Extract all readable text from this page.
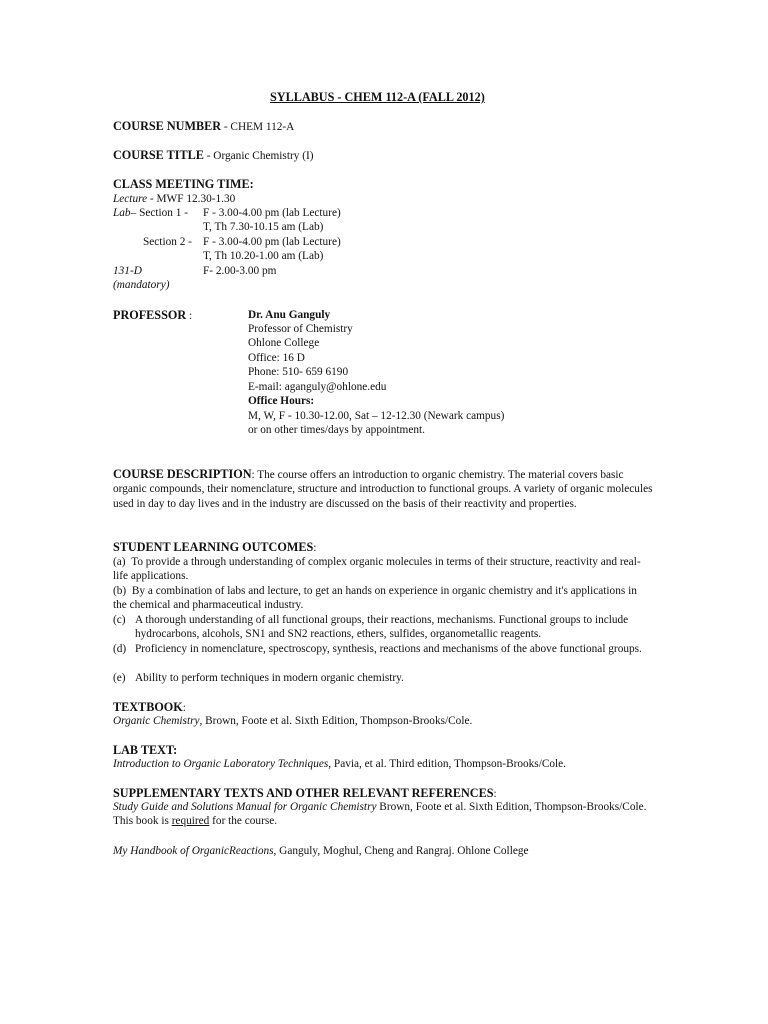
SYLLABUS - CHEM 112-A (FALL 2012)
COURSE NUMBER - CHEM 112-A
COURSE TITLE - Organic Chemistry (I)
CLASS MEETING TIME:
Lecture - MWF 12.30-1.30
Lab– Section 1 - F - 3.00-4.00 pm (lab Lecture)
T, Th 7.30-10.15 am (Lab)
Section 2 - F - 3.00-4.00 pm (lab Lecture)
T, Th 10.20-1.00 am (Lab)
131-D	F- 2.00-3.00 pm
(mandatory)
PROFESSOR :	Dr. Anu Ganguly
Professor of Chemistry
Ohlone College
Office: 16 D
Phone: 510- 659 6190
E-mail: aganguly@ohlone.edu
Office Hours:
M, W, F - 10.30-12.00, Sat – 12-12.30 (Newark campus)
or on other times/days by appointment.
COURSE DESCRIPTION: The course offers an introduction to organic chemistry. The material covers basic organic compounds, their nomenclature, structure and introduction to functional groups. A variety of organic molecules used in day to day lives and in the industry are discussed on the basis of their reactivity and properties.
STUDENT LEARNING OUTCOMES:
(a) To provide a through understanding of complex organic molecules in terms of their structure, reactivity and real-life applications.
(b) By a combination of labs and lecture, to get an hands on experience in organic chemistry and it's applications in the chemical and pharmaceutical industry.
(c) A thorough understanding of all functional groups, their reactions, mechanisms. Functional groups to include hydrocarbons, alcohols, SN1 and SN2 reactions, ethers, sulfides, organometallic reagents.
(d) Proficiency in nomenclature, spectroscopy, synthesis, reactions and mechanisms of the above functional groups.
(e) Ability to perform techniques in modern organic chemistry.
TEXTBOOK:
Organic Chemistry, Brown, Foote et al. Sixth Edition, Thompson-Brooks/Cole.
LAB TEXT:
Introduction to Organic Laboratory Techniques, Pavia, et al. Third edition, Thompson-Brooks/Cole.
SUPPLEMENTARY TEXTS AND OTHER RELEVANT REFERENCES:
Study Guide and Solutions Manual for Organic Chemistry Brown, Foote et al. Sixth Edition, Thompson-Brooks/Cole. This book is required for the course.
My Handbook of OrganicReactions, Ganguly, Moghul, Cheng and Rangraj. Ohlone College
